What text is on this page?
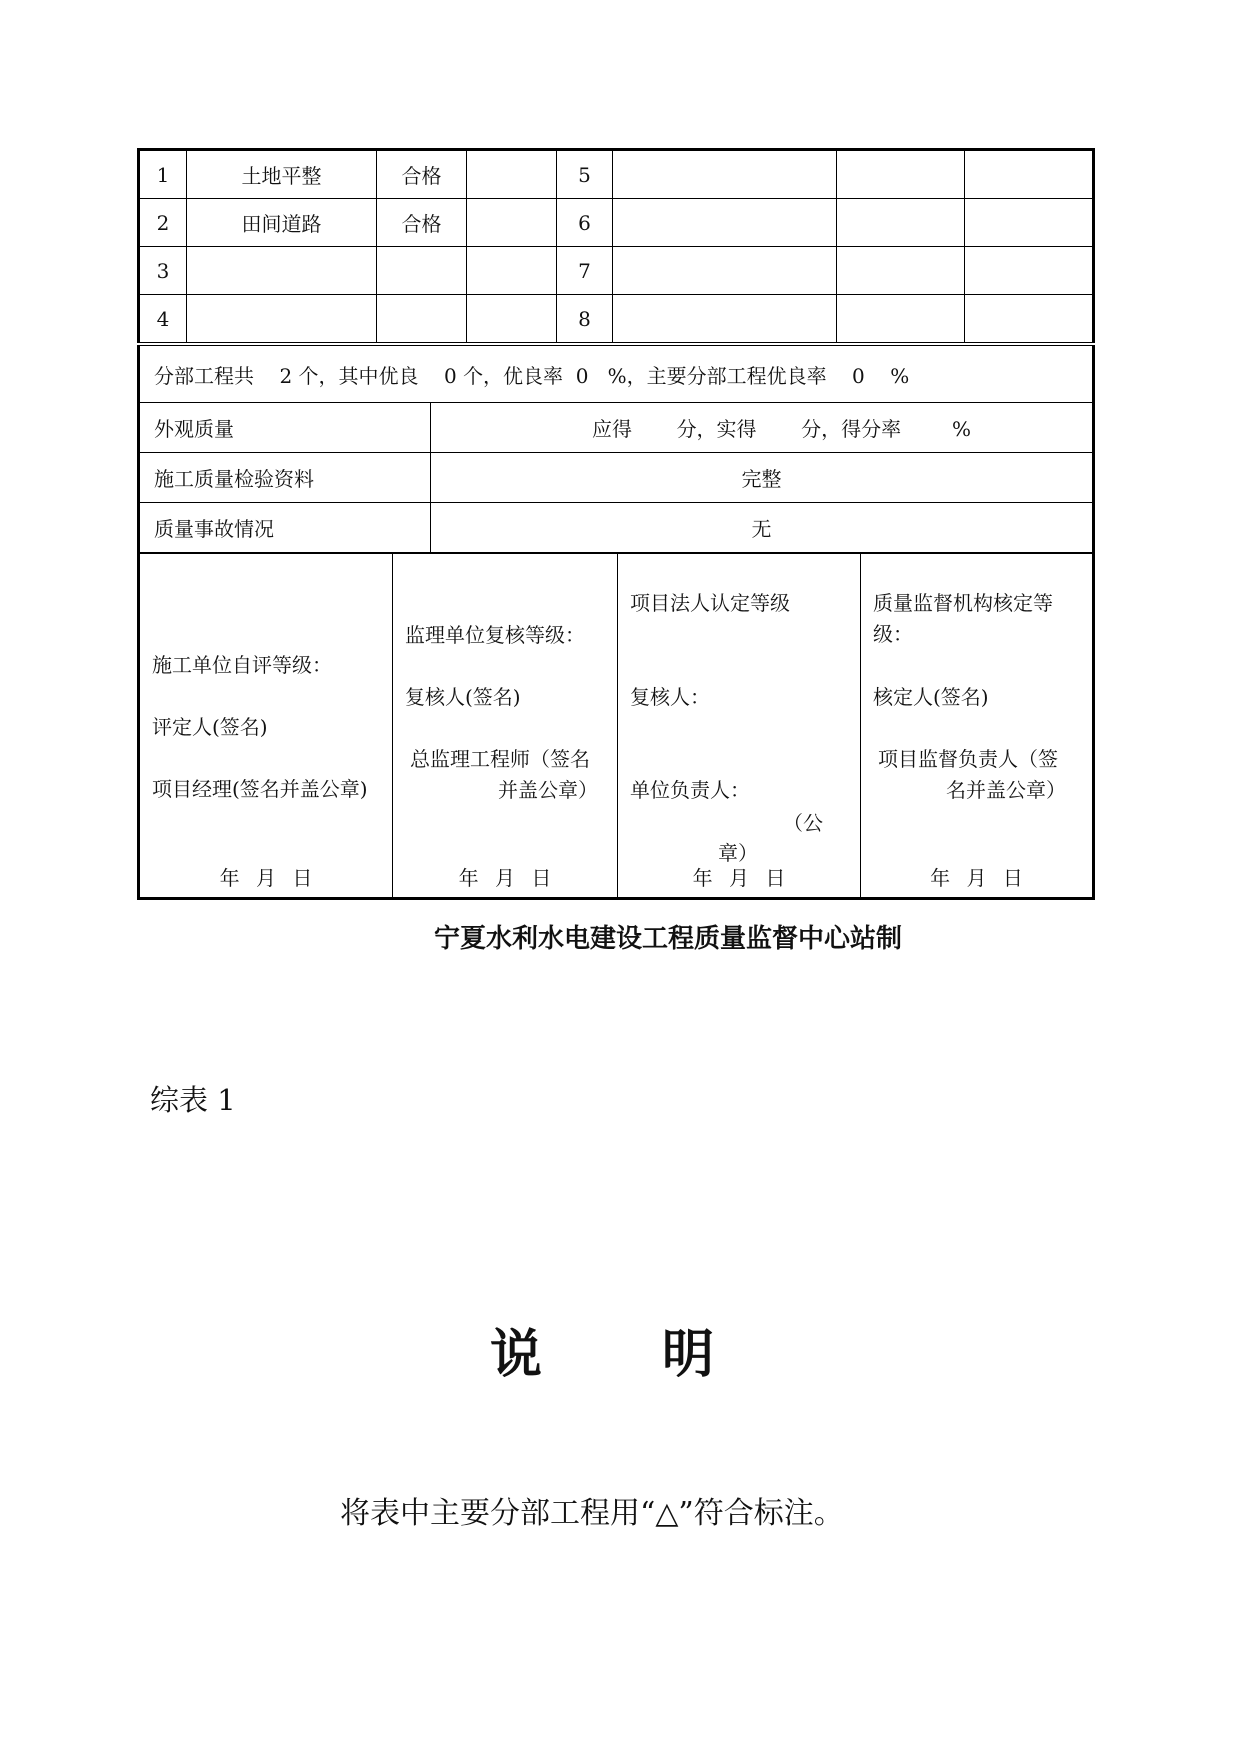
1	土地平整	合格		5			
2	田间道路	合格		6			
3				7			
4				8			
分部工程共 2 个，其中优良 0 个，优良率 0 %，主要分部工程优良率 0 %	
外观质量	应得 分，实得 分，得分率 %
施工质量检验资料	完整
质量事故情况	无
施工单位自评等级：
评定人(签名)
项目经理(签名并盖公章)
年 月 日

监理单位复核等级：
复核人(签名)
总监理工程师（签名
并盖公章）
年 月 日

项目法人认定等级
复核人：
单位负责人：
（公
章）
年 月 日

质量监督机构核定等
级：
核定人(签名)
项目监督负责人（签
名并盖公章）
年 月 日
宁夏水利水电建设工程质量监督中心站制
综表 1
说 明
将表中主要分部工程用“△”符合标注。
